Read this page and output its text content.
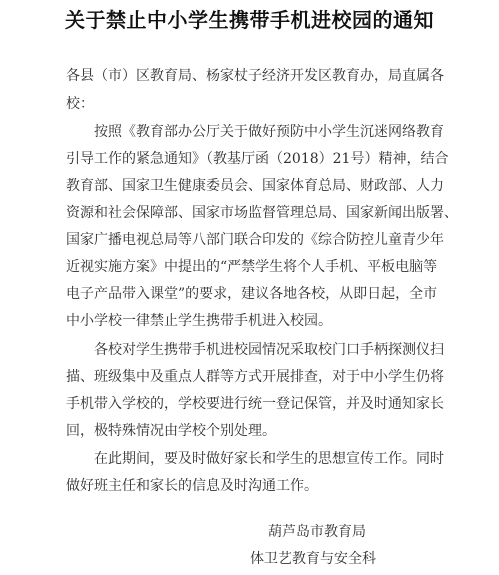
关于禁止中小学生携带手机进校园的通知
各县（市）区教育局、杨家杖子经济开发区教育办，局直属各
校：
按照《教育部办公厅关于做好预防中小学生沉迷网络教育
引导工作的紧急通知》（教基厅函（2018）21号）精神，结合
教育部、国家卫生健康委员会、国家体育总局、财政部、人力
资源和社会保障部、国家市场监督管理总局、国家新闻出版署、
国家广播电视总局等八部门联合印发的《综合防控儿童青少年
近视实施方案》中提出的“严禁学生将个人手机、平板电脑等
电子产品带入课堂”的要求，建议各地各校，从即日起，全市
中小学校一律禁止学生携带手机进入校园。
各校对学生携带手机进校园情况采取校门口手柄探测仪扫
描、班级集中及重点人群等方式开展排查，对于中小学生仍将
手机带入学校的，学校要进行统一登记保管，并及时通知家长
回，极特殊情况由学校个别处理。
在此期间，要及时做好家长和学生的思想宣传工作。同时
做好班主任和家长的信息及时沟通工作。
葫芦岛市教育局
体卫艺教育与安全科
